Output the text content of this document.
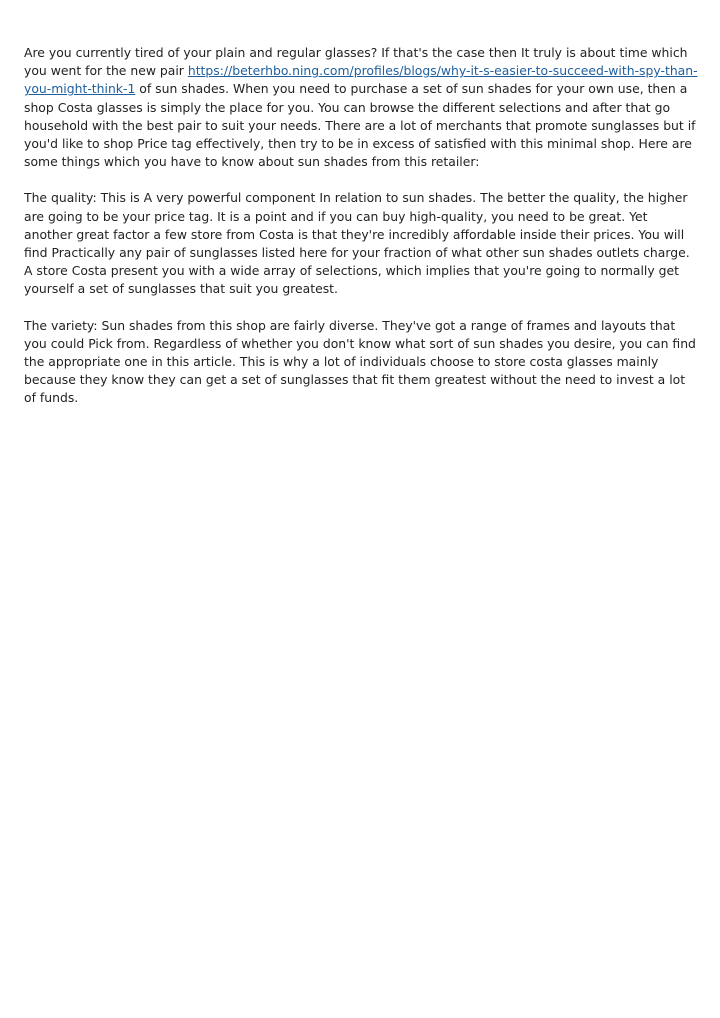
Are you currently tired of your plain and regular glasses? If that's the case then It truly is about time which you went for the new pair https://beterhbo.ning.com/profiles/blogs/why-it-s-easier-to-succeed-with-spy-than-you-might-think-1 of sun shades. When you need to purchase a set of sun shades for your own use, then a shop Costa glasses is simply the place for you. You can browse the different selections and after that go household with the best pair to suit your needs. There are a lot of merchants that promote sunglasses but if you'd like to shop Price tag effectively, then try to be in excess of satisfied with this minimal shop. Here are some things which you have to know about sun shades from this retailer:

The quality: This is A very powerful component In relation to sun shades. The better the quality, the higher are going to be your price tag. It is a point and if you can buy high-quality, you need to be great. Yet another great factor a few store from Costa is that they're incredibly affordable inside their prices. You will find Practically any pair of sunglasses listed here for your fraction of what other sun shades outlets charge. A store Costa present you with a wide array of selections, which implies that you're going to normally get yourself a set of sunglasses that suit you greatest.

The variety: Sun shades from this shop are fairly diverse. They've got a range of frames and layouts that you could Pick from. Regardless of whether you don't know what sort of sun shades you desire, you can find the appropriate one in this article. This is why a lot of individuals choose to store costa glasses mainly because they know they can get a set of sunglasses that fit them greatest without the need to invest a lot of funds.
